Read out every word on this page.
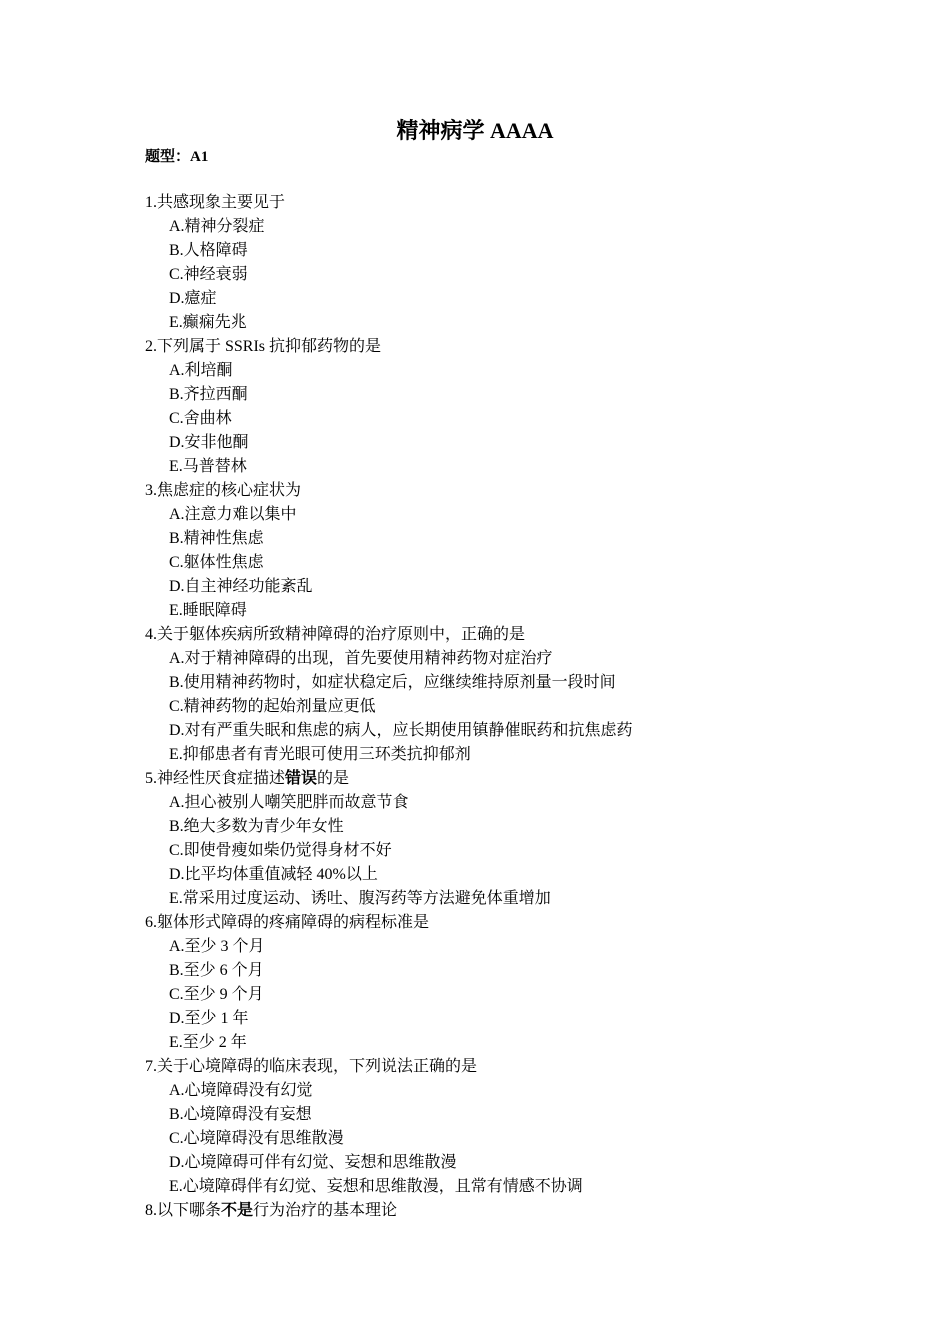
精神病学 AAAA
题型：A1
1.共感现象主要见于
A.精神分裂症
B.人格障碍
C.神经衰弱
D.癔症
E.癫痫先兆
2.下列属于 SSRIs 抗抑郁药物的是
A.利培酮
B.齐拉西酮
C.舍曲林
D.安非他酮
E.马普替林
3.焦虑症的核心症状为
A.注意力难以集中
B.精神性焦虑
C.躯体性焦虑
D.自主神经功能紊乱
E.睡眠障碍
4.关于躯体疾病所致精神障碍的治疗原则中，正确的是
A.对于精神障碍的出现，首先要使用精神药物对症治疗
B.使用精神药物时，如症状稳定后，应继续维持原剂量一段时间
C.精神药物的起始剂量应更低
D.对有严重失眠和焦虑的病人，应长期使用镇静催眠药和抗焦虑药
E.抑郁患者有青光眼可使用三环类抗抑郁剂
5.神经性厌食症描述错误的是
A.担心被别人嘲笑肥胖而故意节食
B.绝大多数为青少年女性
C.即使骨瘦如柴仍觉得身材不好
D.比平均体重值减轻 40%以上
E.常采用过度运动、诱吐、腹泻药等方法避免体重增加
6.躯体形式障碍的疼痛障碍的病程标准是
A.至少 3 个月
B.至少 6 个月
C.至少 9 个月
D.至少 1 年
E.至少 2 年
7.关于心境障碍的临床表现，下列说法正确的是
A.心境障碍没有幻觉
B.心境障碍没有妄想
C.心境障碍没有思维散漫
D.心境障碍可伴有幻觉、妄想和思维散漫
E.心境障碍伴有幻觉、妄想和思维散漫，且常有情感不协调
8.以下哪条不是行为治疗的基本理论
